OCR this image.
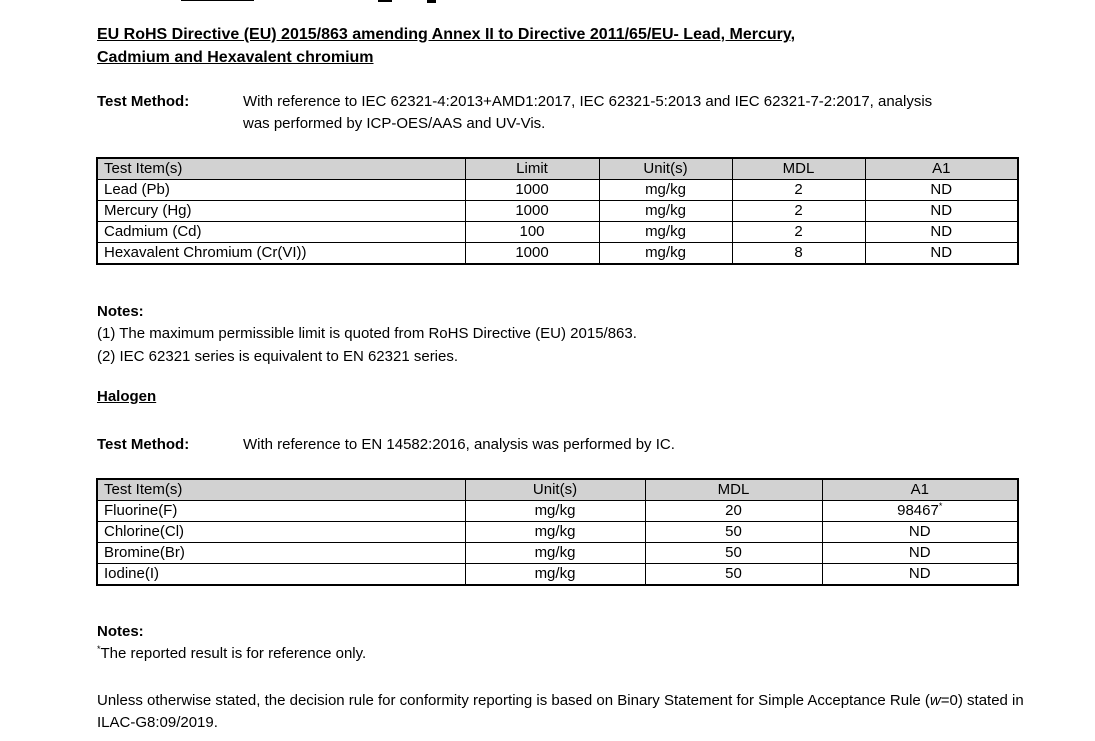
EU RoHS Directive (EU) 2015/863 amending Annex II to Directive 2011/65/EU- Lead, Mercury,
Cadmium and Hexavalent chromium
Test Method:	With reference to IEC 62321-4:2013+AMD1:2017, IEC 62321-5:2013 and IEC 62321-7-2:2017, analysis was performed by ICP-OES/AAS and UV-Vis.
Test Item(s)	Limit	Unit(s)	MDL	A1
Lead (Pb)	1000	mg/kg	2	ND
Mercury (Hg)	1000	mg/kg	2	ND
Cadmium (Cd)	100	mg/kg	2	ND
Hexavalent Chromium (Cr(VI))	1000	mg/kg	8	ND
Notes:
(1) The maximum permissible limit is quoted from RoHS Directive (EU) 2015/863.
(2) IEC 62321 series is equivalent to EN 62321 series.
Halogen
Test Method:	With reference to EN 14582:2016, analysis was performed by IC.
Test Item(s)	Unit(s)	MDL	A1
Fluorine(F)	mg/kg	20	98467*
Chlorine(Cl)	mg/kg	50	ND
Bromine(Br)	mg/kg	50	ND
Iodine(I)	mg/kg	50	ND
Notes:
*The reported result is for reference only.
Unless otherwise stated, the decision rule for conformity reporting is based on Binary Statement for Simple Acceptance Rule (w=0) stated in ILAC-G8:09/2019.
